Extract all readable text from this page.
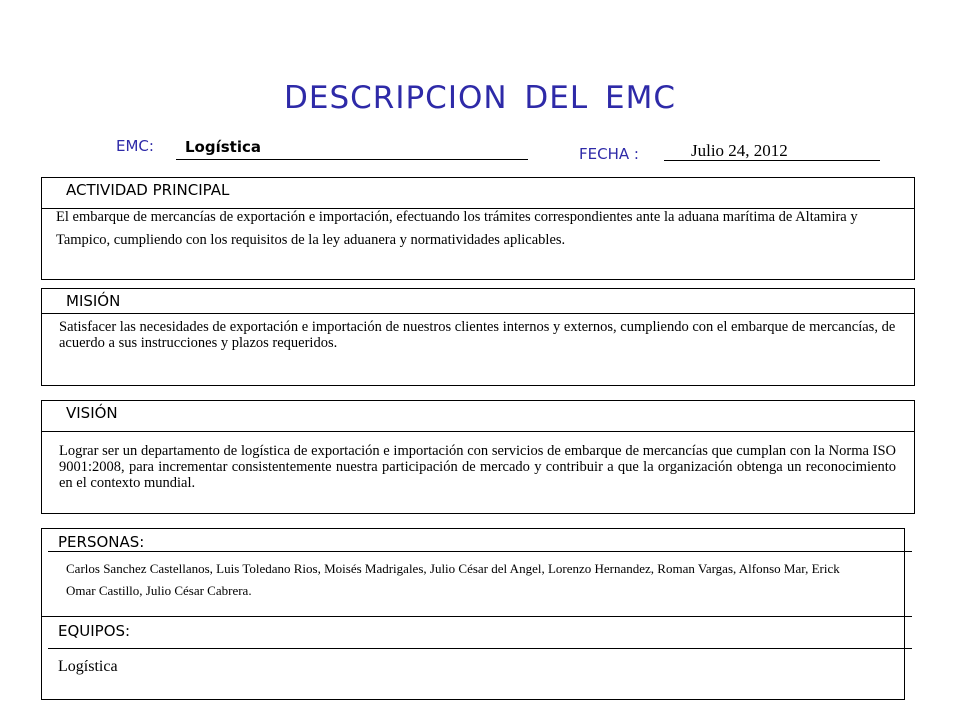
DESCRIPCION DEL EMC
EMC: Logística	FECHA :	Julio 24, 2012
ACTIVIDAD PRINCIPAL
El embarque de mercancías de exportación e importación, efectuando los trámites correspondientes ante la aduana marítima de Altamira y Tampico, cumpliendo con los requisitos de la ley aduanera y normatividades aplicables.
MISIÓN
Satisfacer las necesidades de exportación e importación de nuestros clientes internos y externos, cumpliendo con el embarque de mercancías, de acuerdo a sus instrucciones y plazos requeridos.
VISIÓN
Lograr ser un departamento de logística de exportación e importación con servicios de embarque de mercancías que cumplan con la Norma ISO 9001:2008, para incrementar consistentemente nuestra participación de mercado y contribuir a que la organización obtenga un reconocimiento en el contexto mundial.
PERSONAS:
Carlos Sanchez Castellanos, Luis Toledano Rios, Moisés Madrigales, Julio César del Angel, Lorenzo Hernandez, Roman Vargas, Alfonso Mar, Erick Omar Castillo, Julio César Cabrera.
EQUIPOS:
Logística
